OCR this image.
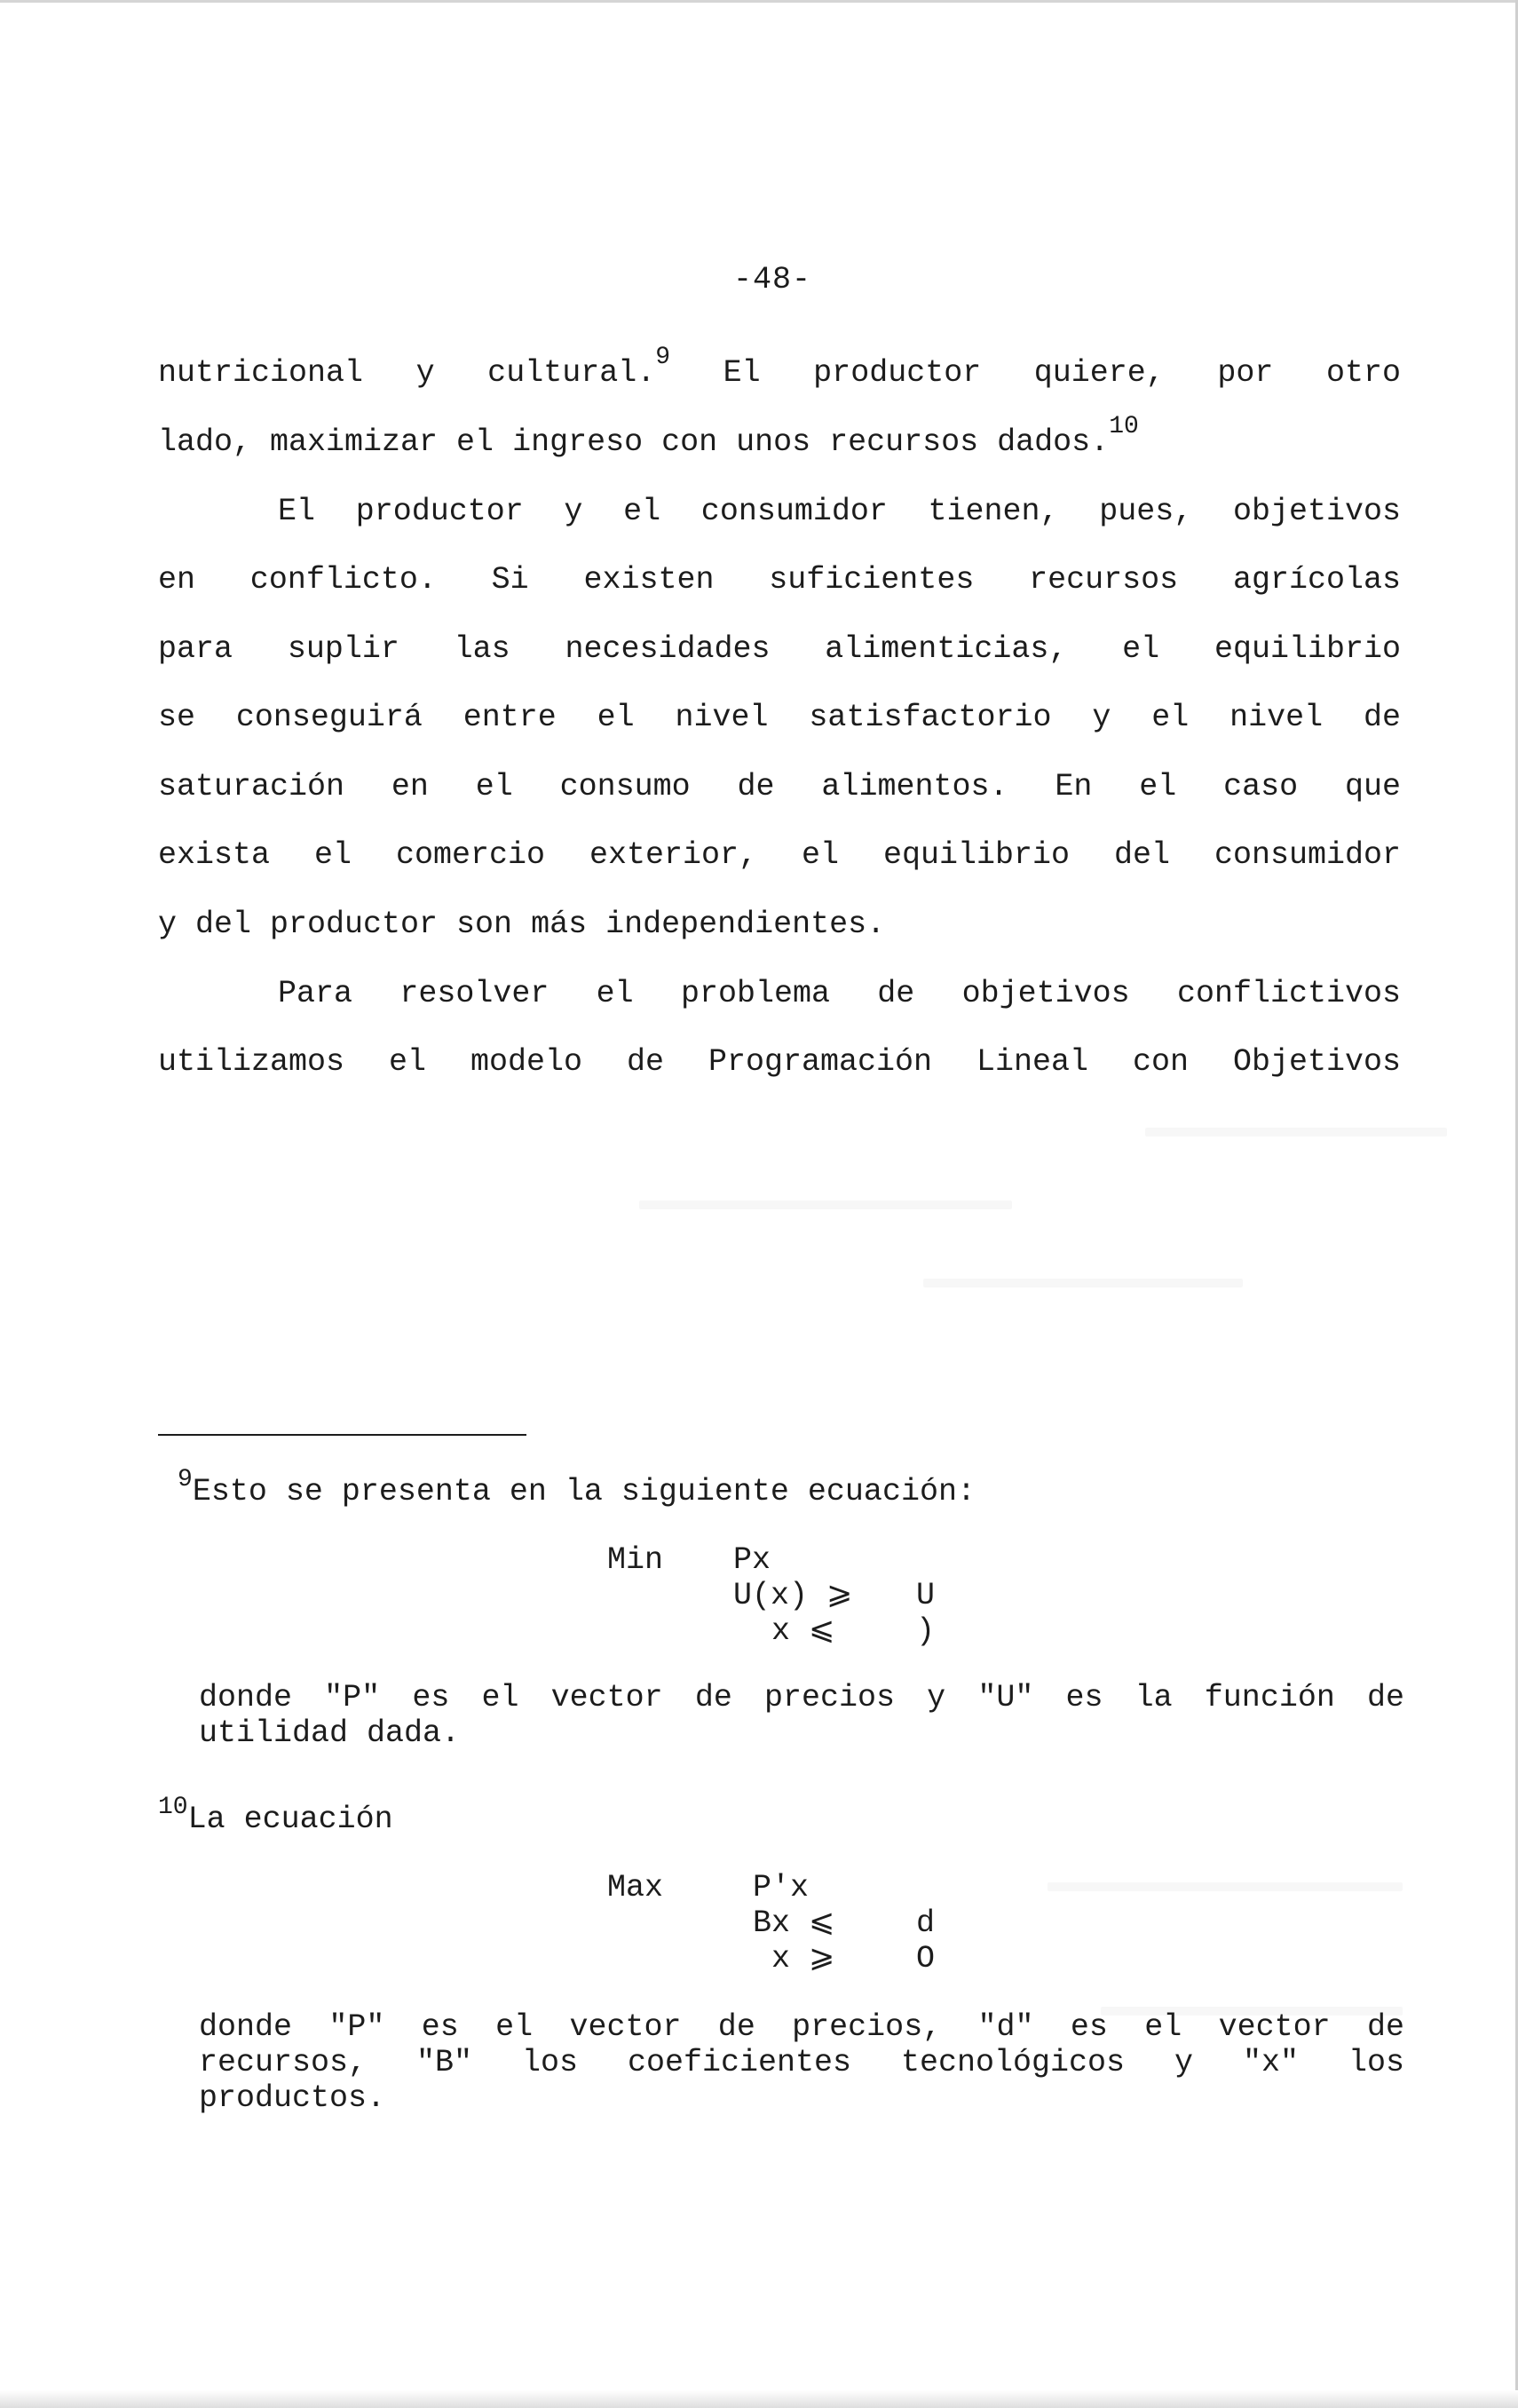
-48-
nutricional y cultural.$^9$ El productor quiere, por otro
lado, maximizar el ingreso con unos recursos dados.$^{10}$
El productor y el consumidor tienen, pues, objetivos
en conflicto. Si existen suficientes recursos agrícolas
para suplir las necesidades alimenticias, el equilibrio
se conseguirá entre el nivel satisfactorio y el nivel de
saturación en el consumo de alimentos. En el caso que
exista el comercio exterior, el equilibrio del consumidor
y del productor son más independientes.
Para resolver el problema de objetivos conflictivos
utilizamos el modelo de Programación Lineal con Objetivos
$^9$Esto se presenta en la siguiente ecuación:
Min Px
U(x) ⩾ U
x ⩽	)
donde "P" es el vector de precios y "U" es la función de
utilidad dada.
$^{10}$La ecuación
Max	P'x
Bx ⩽	d
x ⩾	O
donde "P" es el vector de precios, "d" es el vector de
recursos, "B" los coeficientes tecnológicos y "x" los
productos.
